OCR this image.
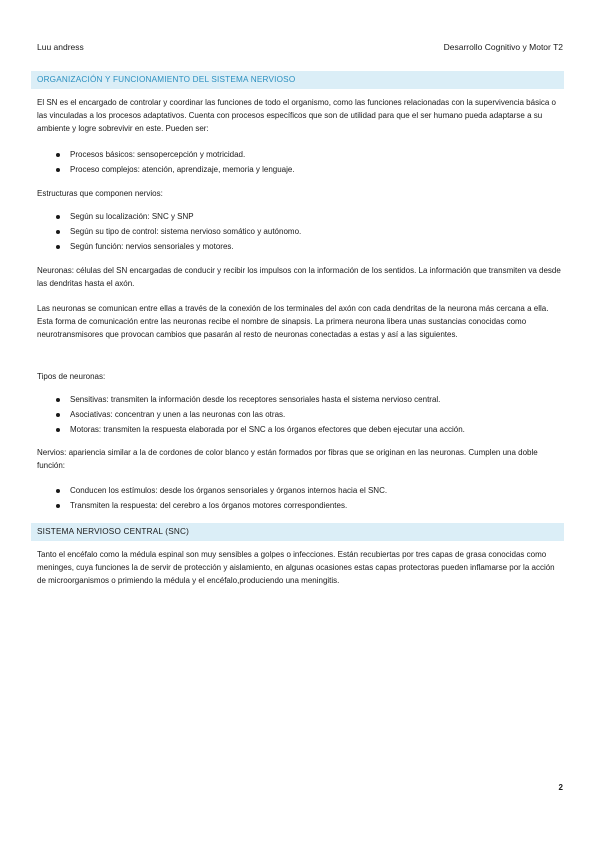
Luu andress	Desarrollo Cognitivo y Motor T2
ORGANIZACIÓN Y FUNCIONAMIENTO DEL SISTEMA NERVIOSO

El SN es el encargado de controlar y coordinar las funciones de todo el organismo, como las funciones relacionadas con la supervivencia básica o las vinculadas a los procesos adaptativos. Cuenta con procesos específicos que son de utilidad para que el ser humano pueda adaptarse a su ambiente y logre sobrevivir en este. Pueden ser:

Procesos básicos: sensopercepción y motricidad.
Proceso complejos: atención, aprendizaje, memoria y lenguaje.

Estructuras que componen nervios:

Según su localización: SNC y SNP
Según su tipo de control: sistema nervioso somático y autónomo.
Según función: nervios sensoriales y motores.

Neuronas: células del SN encargadas de conducir y recibir los impulsos con la información de los sentidos. La información que transmiten va desde las dendritas hasta el axón.

Las neuronas se comunican entre ellas a través de la conexión de los terminales del axón con cada dendritas de la neurona más cercana a ella. Esta forma de comunicación entre las neuronas recibe el nombre de sinapsis. La primera neurona libera unas sustancias conocidas como neurotransmisores que provocan cambios que pasarán al resto de neuronas conectadas a estas y así a las siguientes.

Tipos de neuronas:

Sensitivas: transmiten la información desde los receptores sensoriales hasta el sistema nervioso central.
Asociativas: concentran y unen a las neuronas con las otras.
Motoras: transmiten la respuesta elaborada por el SNC a los órganos efectores que deben ejecutar una acción.

Nervios: apariencia similar a la de cordones de color blanco y están formados por fibras que se originan en las neuronas. Cumplen una doble función:

Conducen los estímulos: desde los órganos sensoriales y órganos internos hacia el SNC.
Transmiten la respuesta: del cerebro a los órganos motores correspondientes.
SISTEMA NERVIOSO CENTRAL (SNC)

Tanto el encéfalo como la médula espinal son muy sensibles a golpes o infecciones. Están recubiertas por tres capas de grasa conocidas como meninges, cuya funciones la de servir de protección y aislamiento, en algunas ocasiones estas capas protectoras pueden inflamarse por la acción de microorganismos o primiendo la médula y el encéfalo,produciendo una meningitis.

2
